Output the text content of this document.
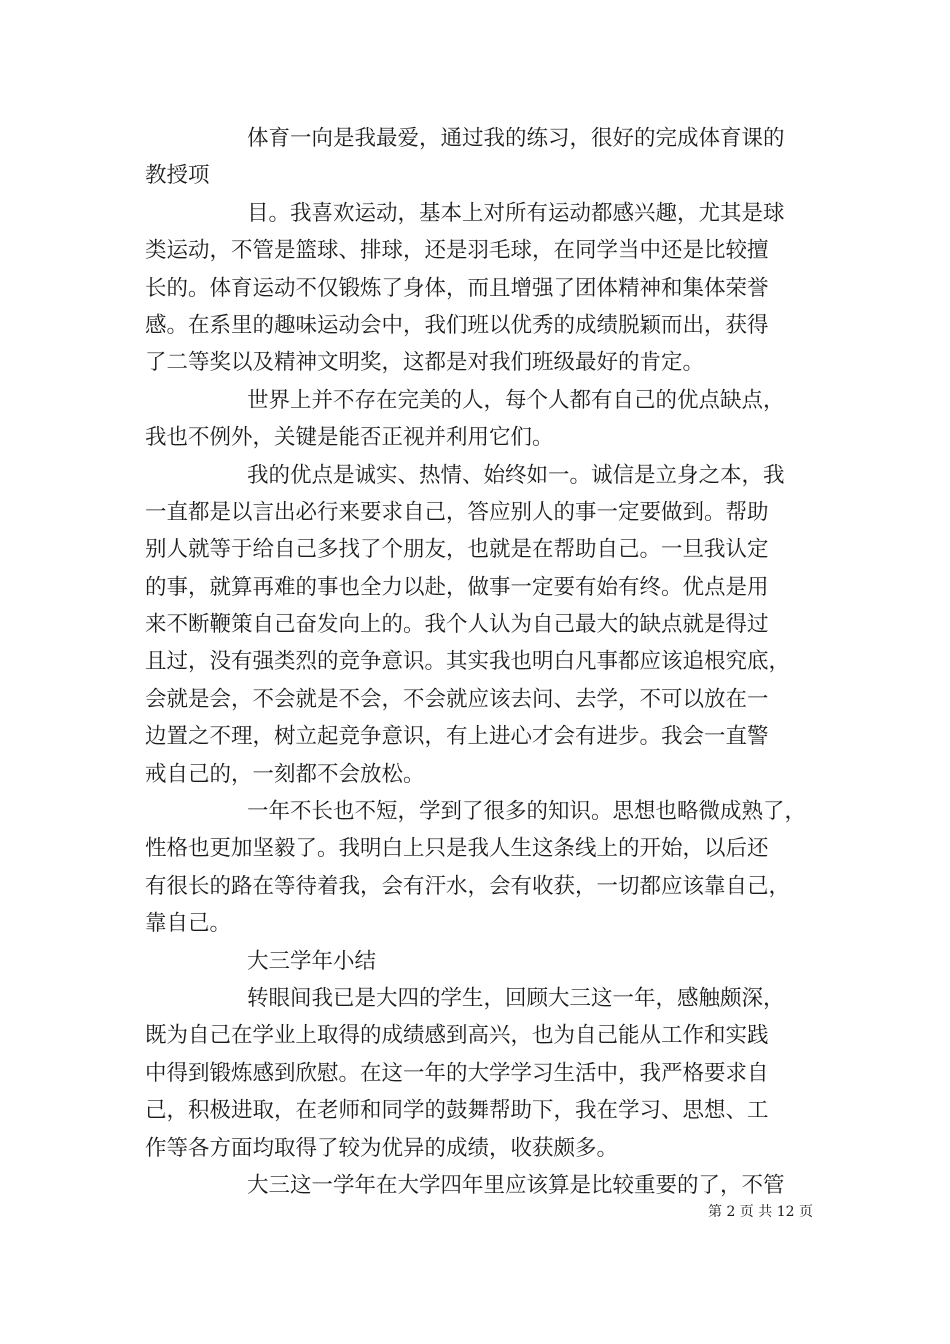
体育一向是我最爱，通过我的练习，很好的完成体育课的

教授项

目。我喜欢运动，基本上对所有运动都感兴趣，尤其是球

类运动，不管是篮球、排球，还是羽毛球，在同学当中还是比较擅

长的。体育运动不仅锻炼了身体，而且增强了团体精神和集体荣誉

感。在系里的趣味运动会中，我们班以优秀的成绩脱颖而出，获得

了二等奖以及精神文明奖，这都是对我们班级最好的肯定。

世界上并不存在完美的人，每个人都有自己的优点缺点，

我也不例外，关键是能否正视并利用它们。

我的优点是诚实、热情、始终如一。诚信是立身之本，我

一直都是以言出必行来要求自己，答应别人的事一定要做到。帮助

别人就等于给自己多找了个朋友，也就是在帮助自己。一旦我认定

的事，就算再难的事也全力以赴，做事一定要有始有终。优点是用

来不断鞭策自己奋发向上的。我个人认为自己最大的缺点就是得过

且过，没有强类烈的竞争意识。其实我也明白凡事都应该追根究底，

会就是会，不会就是不会，不会就应该去问、去学，不可以放在一

边置之不理，树立起竞争意识，有上进心才会有进步。我会一直警

戒自己的，一刻都不会放松。

一年不长也不短，学到了很多的知识。思想也略微成熟了，

性格也更加坚毅了。我明白上只是我人生这条线上的开始，以后还

有很长的路在等待着我，会有汗水，会有收获，一切都应该靠自己，

靠自己。

大三学年小结

转眼间我已是大四的学生，回顾大三这一年，感触颇深，

既为自己在学业上取得的成绩感到高兴，也为自己能从工作和实践

中得到锻炼感到欣慰。在这一年的大学学习生活中，我严格要求自

己，积极进取，在老师和同学的鼓舞帮助下，我在学习、思想、工

作等各方面均取得了较为优异的成绩，收获颇多。

大三这一学年在大学四年里应该算是比较重要的了，不管

第 2 页 共 12 页
